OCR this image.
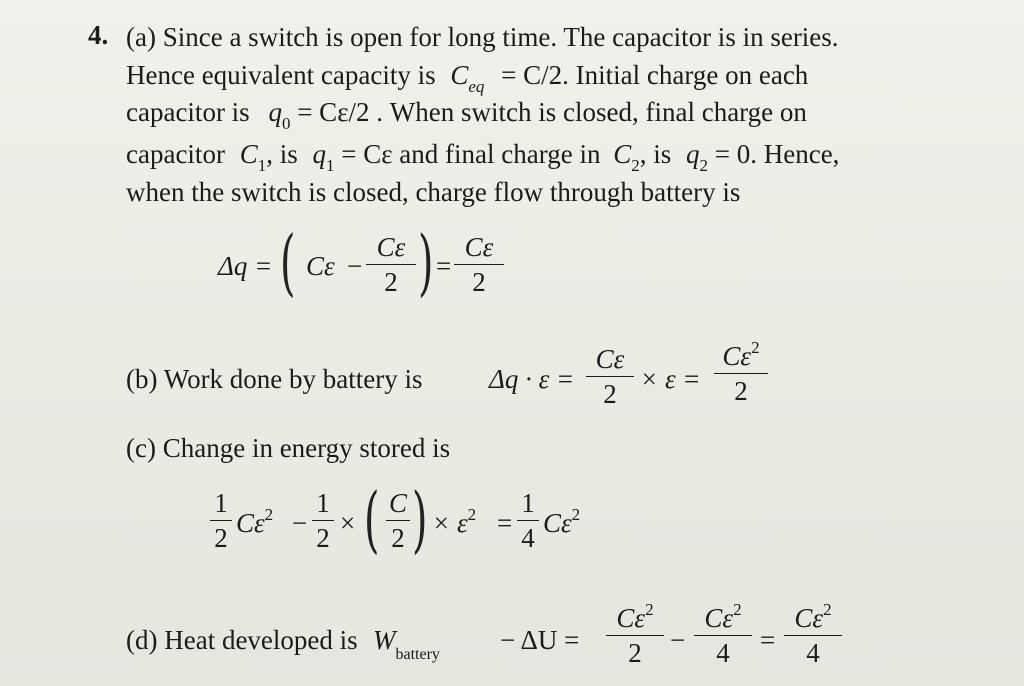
4. (a) Since a switch is open for long time. The capacitor is in series.
Hence equivalent capacity is $C_{eq} = C/2$. Initial charge on each
capacitor is $q_0 = C\varepsilon/2$ . When switch is closed, final charge on
capacitor $C_1$, is $q_1 = C\varepsilon$ and final charge in $C_2$, is $q_2 = 0$. Hence,
when the switch is closed, charge flow through battery is
Δq = ( Cε −
Cε
2 ) =
Cε
2
(b) Work done by battery is Δq · ε =
Cε
2 × ε =
$C\varepsilon^2$
2
(c) Change in energy stored is
1
2 $C\varepsilon^2$ −
1
2 × ( C
2 ) × $\varepsilon^2$ =
1
4 $C\varepsilon^2$
(d) Heat developed is $W_{battery} - \Delta U$ =
$C\varepsilon^2$
2	−
$C\varepsilon^2$
4	=
$C\varepsilon^2$
4
